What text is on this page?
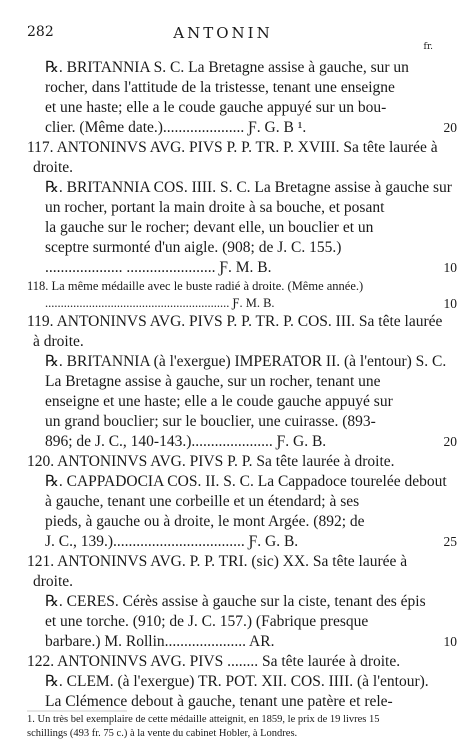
282	ANTONIN
fr.
℞. BRITANNIA S. C. La Bretagne assise à gauche, sur un
rocher, dans l'attitude de la tristesse, tenant une enseigne
et une haste; elle a le coude gauche appuyé sur un bou-
clier. (Même date.)..................... Ƒ. G. B ¹.	20
117. ANTONINVS AVG. PIVS P. P. TR. P. XVIII. Sa tête laurée à
droite.
℞. BRITANNIA COS. IIII. S. C. La Bretagne assise à gauche sur
un rocher, portant la main droite à sa bouche, et posant
la gauche sur le rocher; devant elle, un bouclier et un
sceptre surmonté d'un aigle. (908; de J. C. 155.)
.................... ....................... Ƒ. M. B.	10
118. La même médaille avec le buste radié à droite. (Même année.)
........................................................... Ƒ. M. B.	10
119. ANTONINVS AVG. PIVS P. P. TR. P. COS. III. Sa tête laurée
à droite.
℞. BRITANNIA (à l'exergue) IMPERATOR II. (à l'entour) S. C.
La Bretagne assise à gauche, sur un rocher, tenant une
enseigne et une haste; elle a le coude gauche appuyé sur
un grand bouclier; sur le bouclier, une cuirasse. (893-
896; de J. C., 140-143.)..................... Ƒ. G. B.	20
120. ANTONINVS AVG. PIVS P. P. Sa tête laurée à droite.
℞. CAPPADOCIA COS. II. S. C. La Cappadoce tourelée debout
à gauche, tenant une corbeille et un étendard; à ses
pieds, à gauche ou à droite, le mont Argée. (892; de
J. C., 139.).................................. Ƒ. G. B.	25
121. ANTONINVS AVG. P. P. TRI. (sic) XX. Sa tête laurée à
droite.
℞. CERES. Cérès assise à gauche sur la ciste, tenant des épis
et une torche. (910; de J. C. 157.) (Fabrique presque
barbare.) M. Rollin..................... AR.	10
122. ANTONINVS AVG. PIVS ........ Sa tête laurée à droite.
℞. CLEM. (à l'exergue) TR. POT. XII. COS. IIII. (à l'entour).
La Clémence debout à gauche, tenant une patère et rele-
1. Un très bel exemplaire de cette médaille atteignit, en 1859, le prix de 19 livres 15 schillings (493 fr. 75 c.) à la vente du cabinet Hobler, à Londres.
